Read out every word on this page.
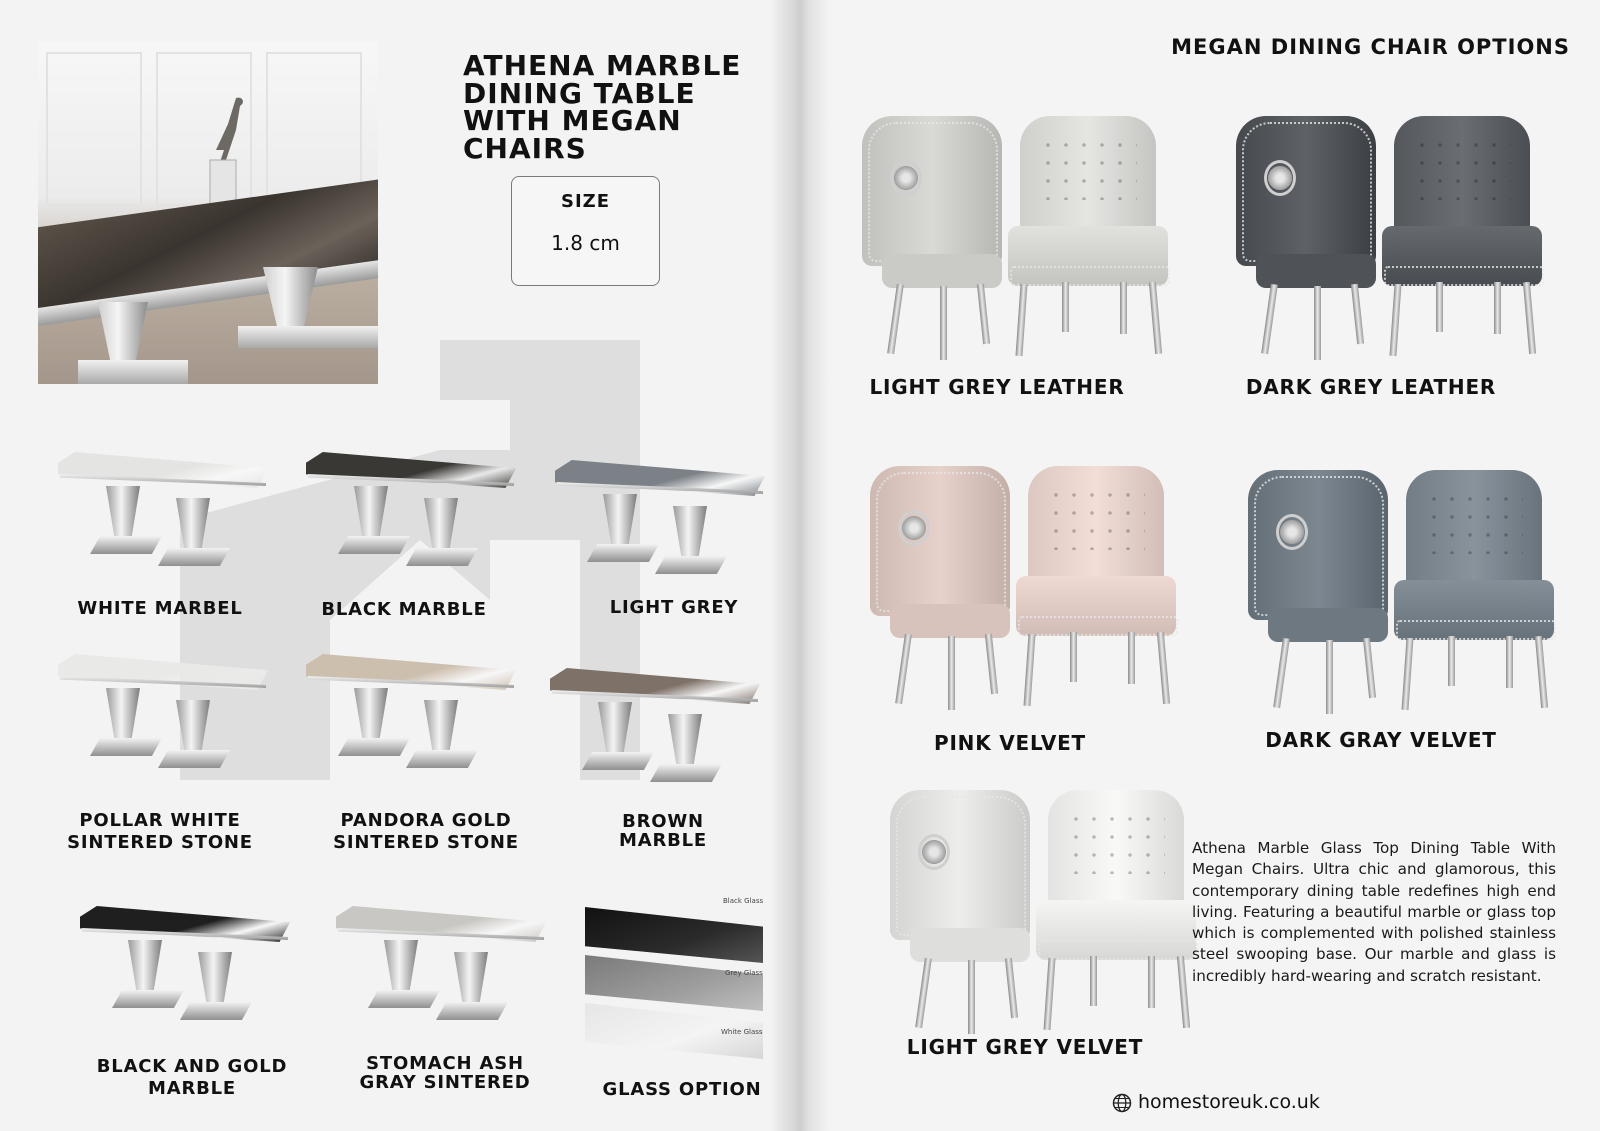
ATHENA MARBLE
DINING TABLE
WITH MEGAN
CHAIRS
SIZE
1.8 cm
WHITE MARBEL	BLACK MARBLE	LIGHT GREY
POLLAR WHITE
SINTERED STONE
PANDORA GOLD
SINTERED STONE
BROWN
MARBLE
BLACK AND GOLD
MARBLE
STOMACH ASH
GRAY SINTERED
Black Glass
Grey Glass
White Glass
GLASS OPTION
MEGAN DINING CHAIR OPTIONS
LIGHT GREY LEATHER	DARK GREY LEATHER
PINK VELVET	DARK GRAY VELVET
LIGHT GREY VELVET
Athena Marble Glass Top Dining Table With Megan Chairs. Ultra chic and glamorous, this contemporary dining table redefines high end living. Featuring a beautiful marble or glass top which is complemented with polished stainless steel swooping base. Our marble and glass is incredibly hard-wearing and scratch resistant.
homestoreuk.co.uk
